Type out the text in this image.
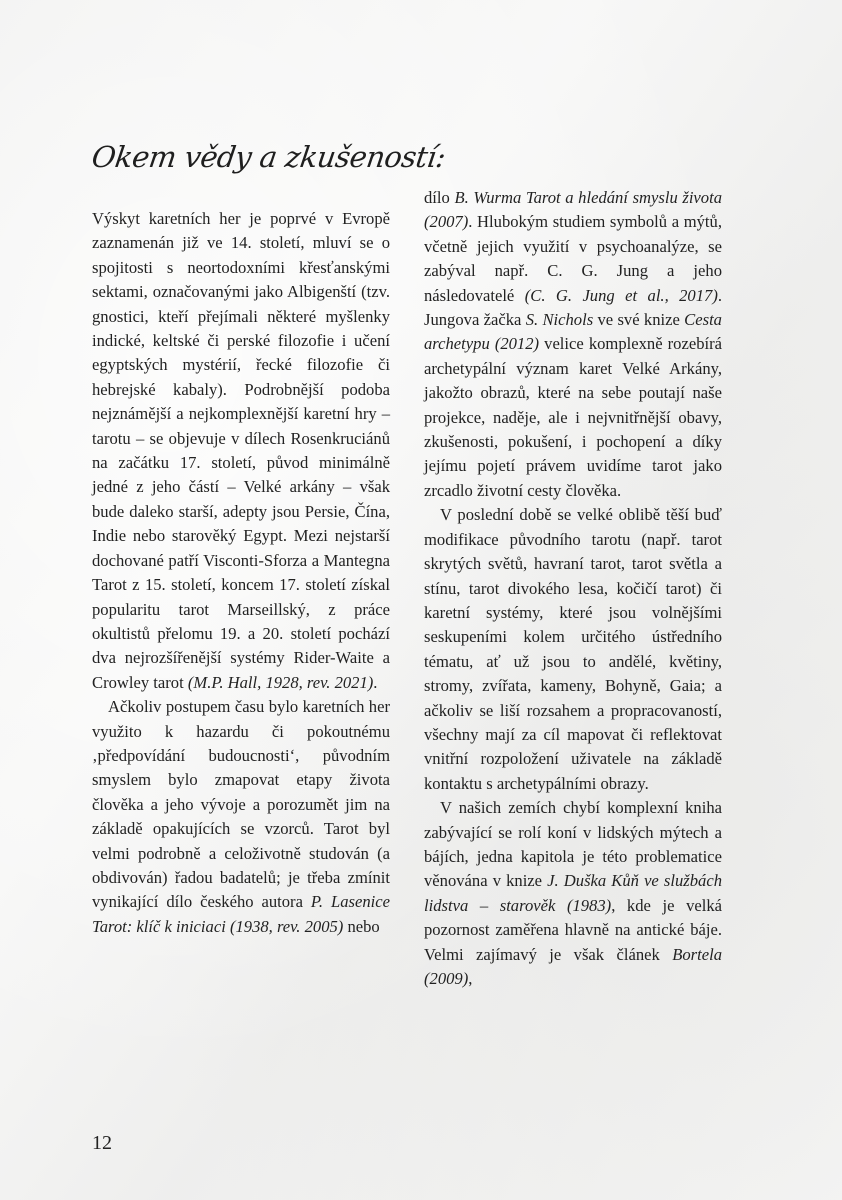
Okem vědy a zkušeností:

Výskyt karetních her je poprvé v Evropě zaznamenán již ve 14. století, mluví se o spojitosti s neortodoxními křesťanskými sektami, označovanými jako Albigenští (tzv. gnostici, kteří přejímali některé myšlenky indické, keltské či perské filozofie i učení egyptských mystérií, řecké filozofie či hebrejské kabaly). Podrobnější podoba nejznámější a nejkomplexnější karetní hry – tarotu – se objevuje v dílech Rosenkruciánů na začátku 17. století, původ minimálně jedné z jeho částí – Velké arkány – však bude daleko starší, adepty jsou Persie, Čína, Indie nebo starověký Egypt. Mezi nejstarší dochované patří Visconti-Sforza a Mantegna Tarot z 15. století, koncem 17. století získal popularitu tarot Marseillský, z práce okultistů přelomu 19. a 20. století pochází dva nejrozšířenější systémy Rider-Waite a Crowley tarot (M.P. Hall, 1928, rev. 2021).

Ačkoliv postupem času bylo karetních her využito k hazardu či pokoutnému ‚předpovídání budoucnosti‘, původním smyslem bylo zmapovat etapy života člověka a jeho vývoje a porozumět jim na základě opakujících se vzorců. Tarot byl velmi podrobně a celoživotně studován (a obdivován) řadou badatelů; je třeba zmínit vynikající dílo českého autora P. Lasenice Tarot: klíč k iniciaci (1938, rev. 2005) nebo

dílo B. Wurma Tarot a hledání smyslu života (2007). Hlubokým studiem symbolů a mýtů, včetně jejich využití v psychoanalýze, se zabýval např. C. G. Jung a jeho následovatelé (C. G. Jung et al., 2017). Jungova žačka S. Nichols ve své knize Cesta archetypu (2012) velice komplexně rozebírá archetypální význam karet Velké Arkány, jakožto obrazů, které na sebe poutají naše projekce, naděje, ale i nejvnitřnější obavy, zkušenosti, pokušení, i pochopení a díky jejímu pojetí právem uvidíme tarot jako zrcadlo životní cesty člověka.

V poslední době se velké oblibě těší buď modifikace původního tarotu (např. tarot skrytých světů, havraní tarot, tarot světla a stínu, tarot divokého lesa, kočičí tarot) či karetní systémy, které jsou volnějšími seskupeními kolem určitého ústředního tématu, ať už jsou to andělé, květiny, stromy, zvířata, kameny, Bohyně, Gaia; a ačkoliv se liší rozsahem a propracovaností, všechny mají za cíl mapovat či reflektovat vnitřní rozpoložení uživatele na základě kontaktu s archetypálními obrazy.

V našich zemích chybí komplexní kniha zabývající se rolí koní v lidských mýtech a bájích, jedna kapitola je této problematice věnována v knize J. Duška Kůň ve službách lidstva – starověk (1983), kde je velká pozornost zaměřena hlavně na antické báje. Velmi zajímavý je však článek Bortela (2009),

12
